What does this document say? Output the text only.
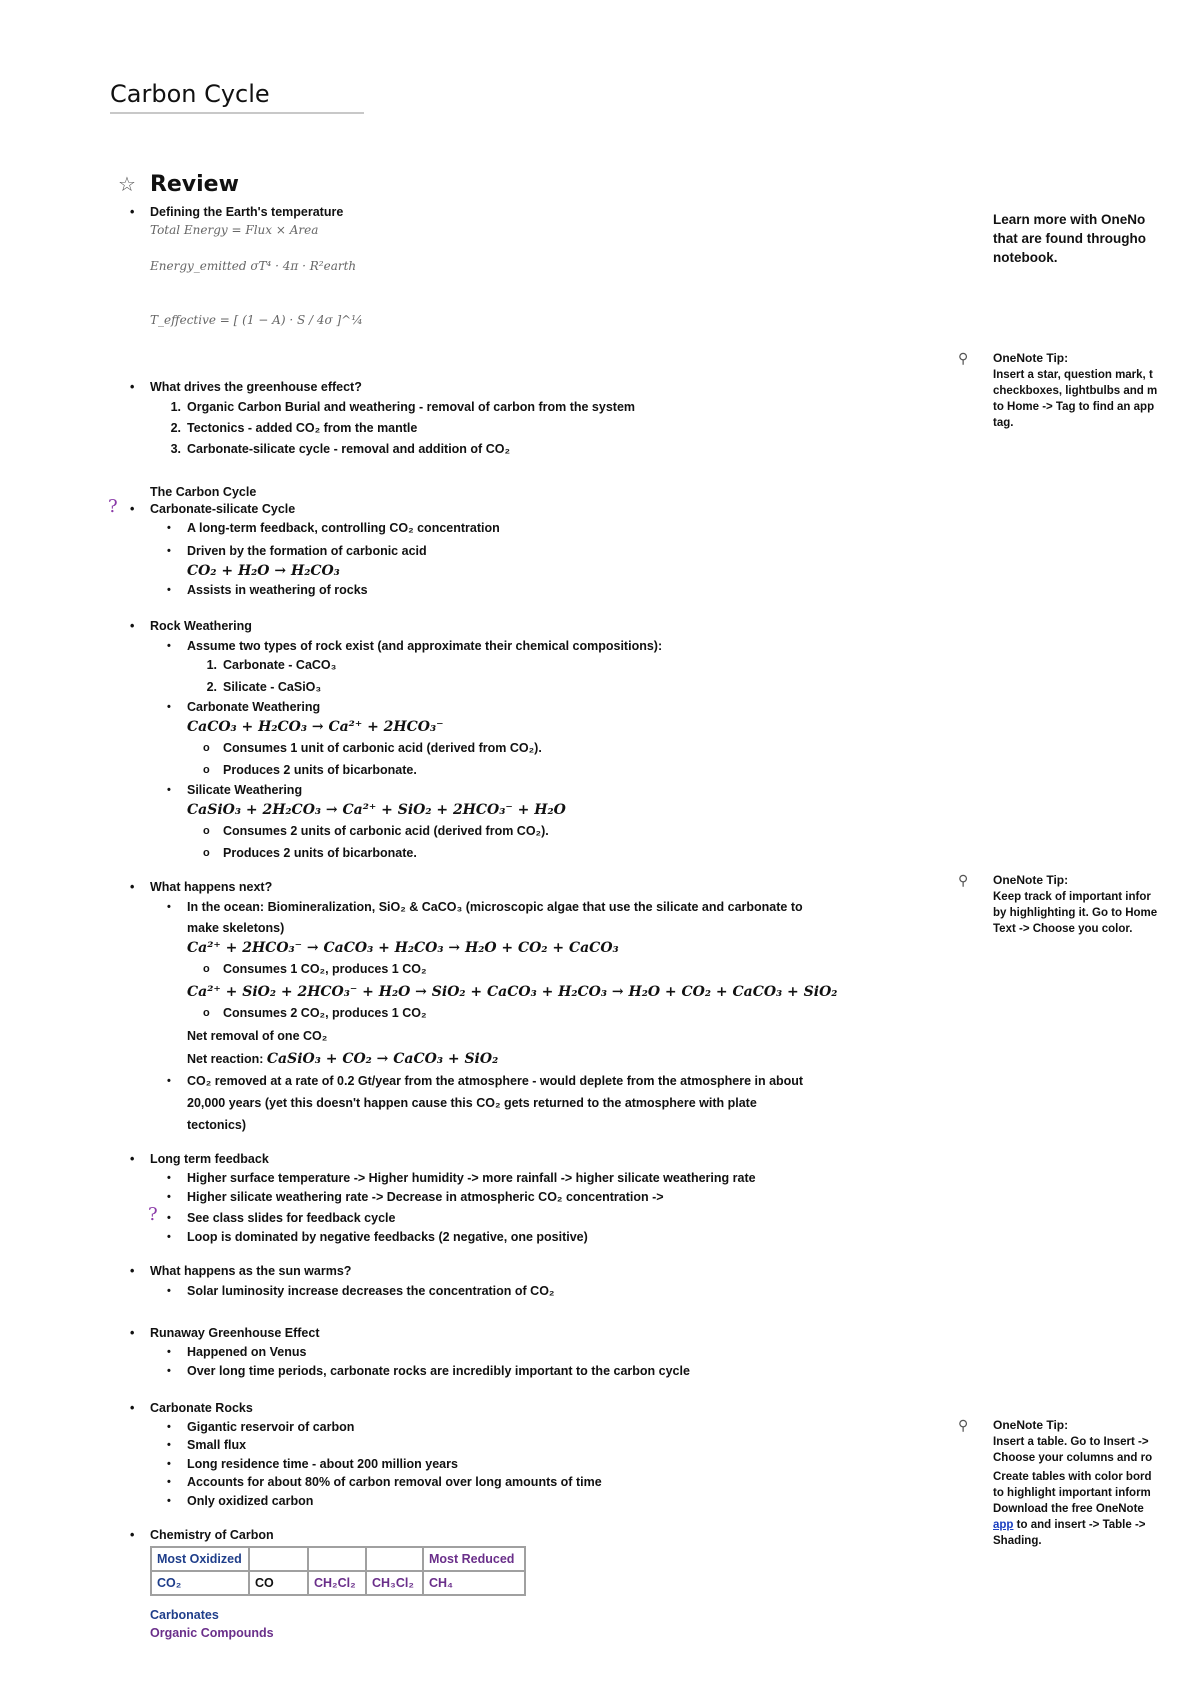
Carbon Cycle
☆ Review
• Defining the Earth's temperature
Total Energy = Flux × Area
Energy_emitted σT⁴ · 4π · R²earth
T_effective = [ (1 − A) · S / 4σ ]^¼
• What drives the greenhouse effect?
1. Organic Carbon Burial and weathering - removal of carbon from the system
2. Tectonics - added CO₂ from the mantle
3. Carbonate-silicate cycle - removal and addition of CO₂
The Carbon Cycle
?	• Carbonate-silicate Cycle
• A long-term feedback, controlling CO₂ concentration
• Driven by the formation of carbonic acid
CO₂ + H₂O → H₂CO₃
• Assists in weathering of rocks
• Rock Weathering
• Assume two types of rock exist (and approximate their chemical compositions):
1. Carbonate - CaCO₃
2. Silicate - CaSiO₃
• Carbonate Weathering
CaCO₃ + H₂CO₃ → Ca²⁺ + 2HCO₃⁻
o Consumes 1 unit of carbonic acid (derived from CO₂).
o Produces 2 units of bicarbonate.
• Silicate Weathering
CaSiO₃ + 2H₂CO₃ → Ca²⁺ + SiO₂ + 2HCO₃⁻ + H₂O
o Consumes 2 units of carbonic acid (derived from CO₂).
o Produces 2 units of bicarbonate.
• What happens next?
• In the ocean: Biomineralization, SiO₂ & CaCO₃ (microscopic algae that use the silicate and carbonate to
make skeletons)
Ca²⁺ + 2HCO₃⁻ → CaCO₃ + H₂CO₃ → H₂O + CO₂ + CaCO₃
o Consumes 1 CO₂, produces 1 CO₂
Ca²⁺ + SiO₂ + 2HCO₃⁻ + H₂O → SiO₂ + CaCO₃ + H₂CO₃ → H₂O + CO₂ + CaCO₃ + SiO₂
o Consumes 2 CO₂, produces 1 CO₂
Net removal of one CO₂
Net reaction: CaSiO₃ + CO₂ → CaCO₃ + SiO₂
• CO₂ removed at a rate of 0.2 Gt/year from the atmosphere - would deplete from the atmosphere in about
20,000 years (yet this doesn't happen cause this CO₂ gets returned to the atmosphere with plate
tectonics)
• Long term feedback
• Higher surface temperature -> Higher humidity -> more rainfall -> higher silicate weathering rate
• Higher silicate weathering rate -> Decrease in atmospheric CO₂ concentration ->
? • See class slides for feedback cycle
• Loop is dominated by negative feedbacks (2 negative, one positive)
• What happens as the sun warms?
• Solar luminosity increase decreases the concentration of CO₂
• Runaway Greenhouse Effect
• Happened on Venus
• Over long time periods, carbonate rocks are incredibly important to the carbon cycle
• Carbonate Rocks
• Gigantic reservoir of carbon
• Small flux
• Long residence time - about 200 million years
• Accounts for about 80% of carbon removal over long amounts of time
• Only oxidized carbon
• Chemistry of Carbon
Most Oxidized				Most Reduced
CO₂	CO	CH₂Cl₂	CH₃Cl₂	CH₄
Carbonates
Organic Compounds
Learn more with OneNo
that are found througho
notebook.
⚲ OneNote Tip:
Insert a star, question mark, t
checkboxes, lightbulbs and m
to Home -> Tag to find an app
tag.
⚲ OneNote Tip:
Keep track of important infor
by highlighting it. Go to Home
Text -> Choose you color.
⚲ OneNote Tip:
Insert a table. Go to Insert ->
Choose your columns and ro
Create tables with color bord
to highlight important inform
Download the free OneNote
app to and insert -> Table ->
Shading.
